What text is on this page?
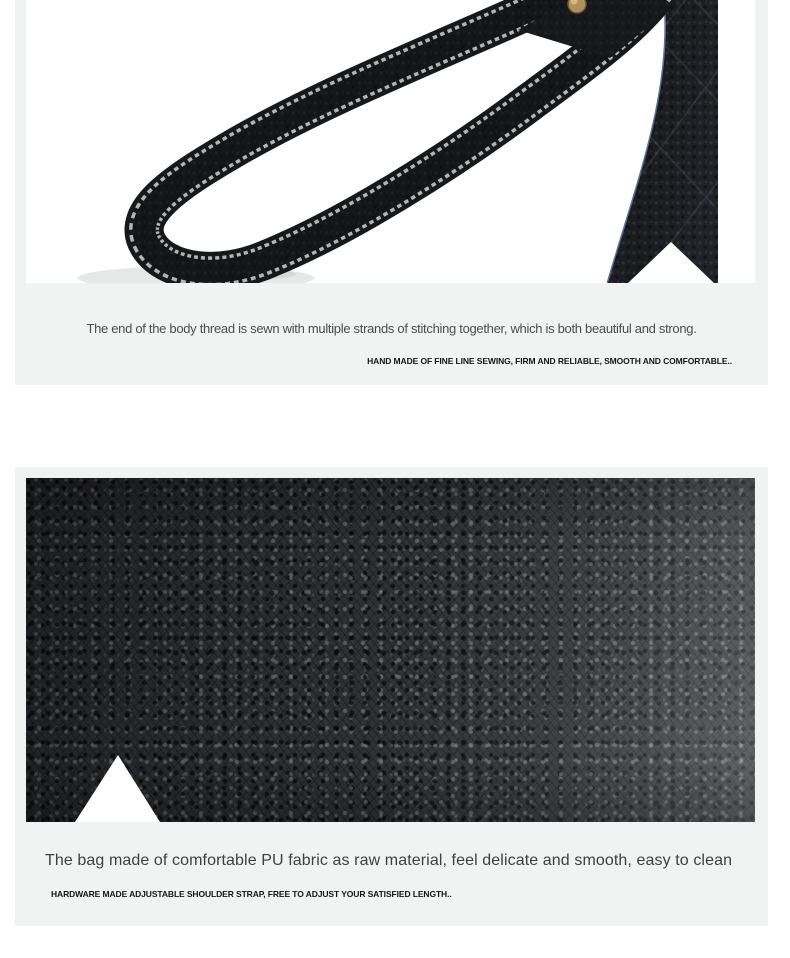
The end of the body thread is sewn with multiple strands of stitching together, which is both beautiful and strong.

HAND MADE OF FINE LINE SEWING, FIRM AND RELIABLE, SMOOTH AND COMFORTABLE..

The bag made of comfortable PU fabric as raw material, feel delicate and smooth, easy to clean

HARDWARE MADE ADJUSTABLE SHOULDER STRAP, FREE TO ADJUST YOUR SATISFIED LENGTH..
